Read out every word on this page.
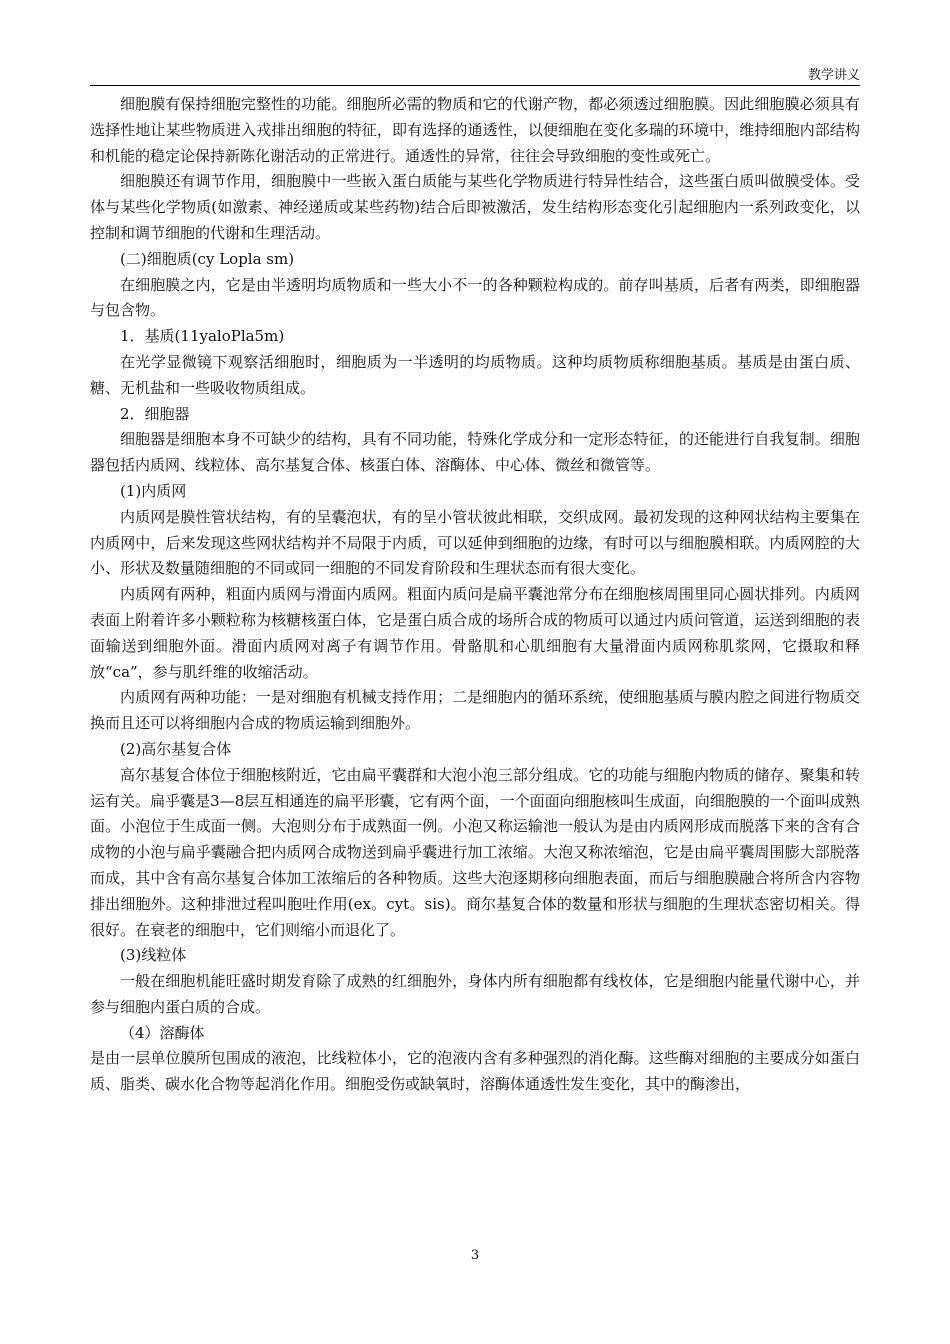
教学讲义

细胞膜有保持细胞完整性的功能。细胞所必需的物质和它的代谢产物，都必须透过细胞膜。因此细胞膜必须具有选择性地让某些物质进入戎排出细胞的特征，即有选择的通透性，以便细胞在变化多瑞的环境中，维持细胞内部结构和机能的稳定论保持新陈化谢活动的正常进行。通透性的异常，往往会导致细胞的变性或死亡。

细胞膜还有调节作用，细胞膜中一些嵌入蛋白质能与某些化学物质进行特异性结合，这些蛋白质叫做膜受体。受体与某些化学物质(如激素、神经递质或某些药物)结合后即被激活，发生结构形态变化引起细胞内一系列政变化，以控制和调节细胞的代谢和生理活动。

(二)细胞质(cy Lopla sm)

在细胞膜之内，它是由半透明均质物质和一些大小不一的各种颗粒构成的。前存叫基质，后者有两类，即细胞器与包含物。

1．基质(11yaloPla5m)

在光学显微镜下观察活细胞时，细胞质为一半透明的均质物质。这种均质物质称细胞基质。基质是由蛋白质、糖、无机盐和一些吸收物质组成。

2．细胞器

细胞器是细胞本身不可缺少的结构，具有不同功能，特殊化学成分和一定形态特征，的还能进行自我复制。细胞器包括内质网、线粒体、高尔基复合体、核蛋白体、溶酶体、中心体、微丝和微管等。

(1)内质网

内质网是膜性管状结构，有的呈囊泡状，有的呈小管状彼此相联，交织成网。最初发现的这种网状结构主要集在内质网中，后来发现这些网状结构并不局限于内质，可以延伸到细胞的边缘，有时可以与细胞膜相联。内质网腔的大小、形状及数量随细胞的不同或同一细胞的不同发育阶段和生理状态而有很大变化。

内质网有两种，粗面内质网与滑面内质网。粗面内质问是扁平囊池常分布在细胞核周围里同心圆状排列。内质网表面上附着许多小颗粒称为核糖核蛋白体，它是蛋白质合成的场所合成的物质可以通过内质问管道，运送到细胞的表面输送到细胞外面。滑面内质网对离子有调节作用。骨骼肌和心肌细胞有大量滑面内质网称肌浆网，它摄取和释放“ca”，参与肌纤维的收缩活动。

内质网有两种功能：一是对细胞有机械支持作用；二是细胞内的循环系统，使细胞基质与膜内腔之间进行物质交换而且还可以将细胞内合成的物质运输到细胞外。

(2)高尔基复合体

高尔基复合体位于细胞核附近，它由扁平囊群和大泡小泡三部分组成。它的功能与细胞内物质的储存、聚集和转运有关。扁乎囊是3—8层互相通连的扁平形囊，它有两个面，一个面面向细胞核叫生成面，向细胞膜的一个面叫成熟面。小泡位于生成面一侧。大泡则分布于成熟面一例。小泡又称运输池一般认为是由内质网形成而脱落下来的含有合成物的小泡与扁乎囊融合把内质网合成物送到扁乎囊进行加工浓缩。大泡又称浓缩泡，它是由扁平囊周围膨大部脱落而成，其中含有高尔基复合体加工浓缩后的各种物质。这些大泡逐期移向细胞表面，而后与细胞膜融合将所含内容物排出细胞外。这种排泄过程叫胞吐作用(ex。cyt。sis)。商尔基复合体的数量和形状与细胞的生理状态密切相关。得很好。在衰老的细胞中，它们则缩小而退化了。

(3)线粒体

一般在细胞机能旺盛时期发育除了成熟的红细胞外，身体内所有细胞都有线枚体，它是细胞内能量代谢中心，并参与细胞内蛋白质的合成。

（4）溶酶体

是由一层单位膜所包围成的液泡，比线粒体小，它的泡液内含有多种强烈的消化酶。这些酶对细胞的主要成分如蛋白质、脂类、碳水化合物等起消化作用。细胞受伤或缺氧时，溶酶体通透性发生变化，其中的酶渗出，

3
